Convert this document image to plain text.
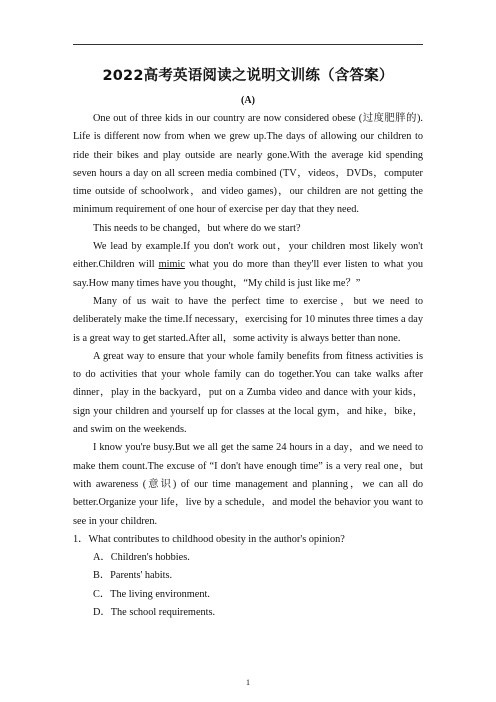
2022高考英语阅读之说明文训练（含答案）
(A)

One out of three kids in our country are now considered obese (过度肥胖的). Life is different now from when we grew up.The days of allowing our children to ride their bikes and play outside are nearly gone.With the average kid spending seven hours a day on all screen media combined (TV，videos，DVDs，computer time outside of schoolwork，and video games)，our children are not getting the minimum requirement of one hour of exercise per day that they need.

This needs to be changed，but where do we start?

We lead by example.If you don't work out，your children most likely won't either.Children will mimic what you do more than they'll ever listen to what you say.How many times have you thought，“My child is just like me？”

Many of us wait to have the perfect time to exercise，but we need to deliberately make the time.If necessary，exercising for 10 minutes three times a day is a great way to get started.After all，some activity is always better than none.

A great way to ensure that your whole family benefits from fitness activities is to do activities that your whole family can do together.You can take walks after dinner，play in the backyard，put on a Zumba video and dance with your kids，sign your children and yourself up for classes at the local gym，and hike，bike，and swim on the weekends.

I know you're busy.But we all get the same 24 hours in a day，and we need to make them count.The excuse of “I don't have enough time” is a very real one，but with awareness (意识) of our time management and planning，we can all do better.Organize your life，live by a schedule，and model the behavior you want to see in your children.

1．What contributes to childhood obesity in the author's opinion?

A．Children's hobbies.

B．Parents' habits.

C．The living environment.

D．The school requirements.

1
